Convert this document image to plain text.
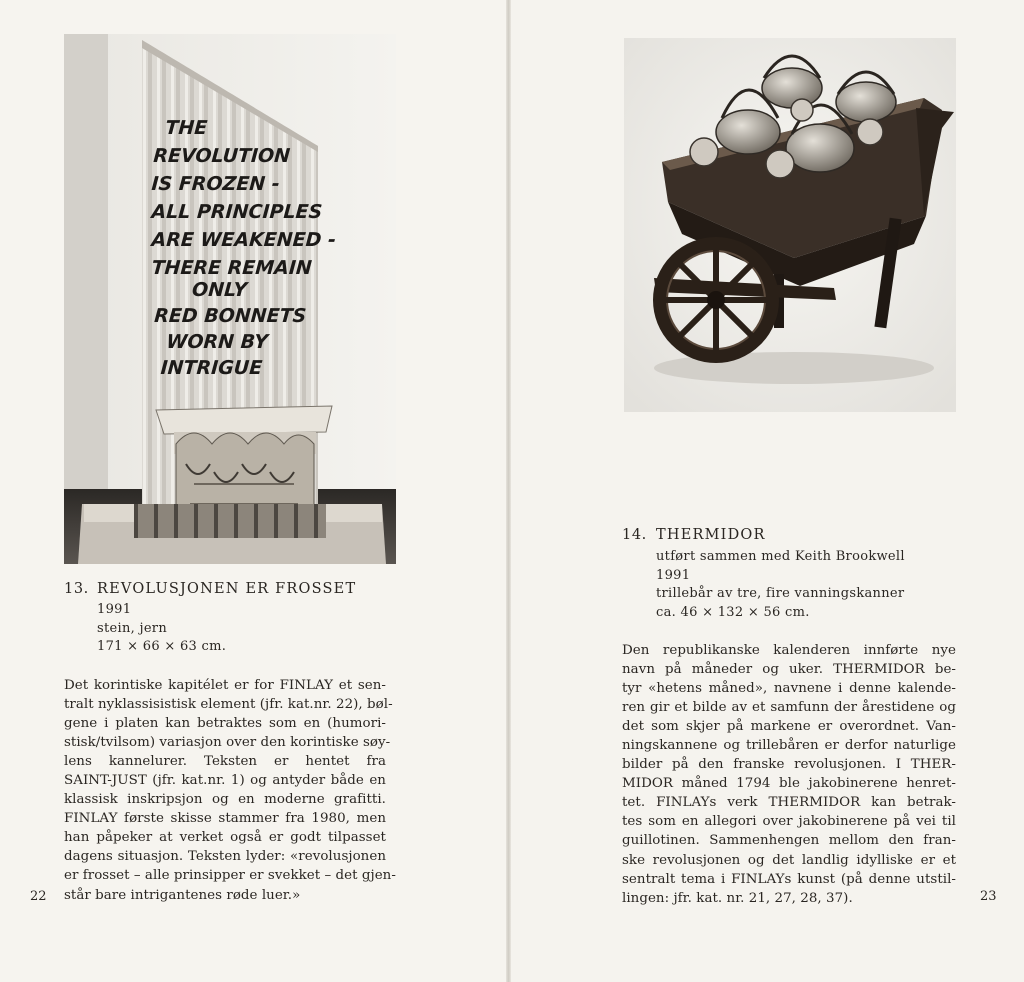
THE
REVOLUTION
IS FROZEN -
ALL PRINCIPLES
ARE WEAKENED -
THERE REMAIN
ONLY
RED BONNETS
WORN BY
INTRIGUE
13. REVOLUSJONEN ER FROSSET
1991
stein, jern
171 × 66 × 63 cm.
Det korintiske kapitélet er for FINLAY et sen-
tralt nyklassisistisk element (jfr. kat.nr. 22), bøl-
gene i platen kan betraktes som en (humori-
stisk/tvilsom) variasjon over den korintiske søy-
lens kannelurer. Teksten er hentet fra
SAINT-JUST (jfr. kat.nr. 1) og antyder både en
klassisk inskripsjon og en moderne grafitti.
FINLAY første skisse stammer fra 1980, men
han påpeker at verket også er godt tilpasset
dagens situasjon. Teksten lyder: «revolusjonen
er frosset – alle prinsipper er svekket – det gjen-
står bare intrigantenes røde luer.»
22
14. THERMIDOR
utført sammen med Keith Brookwell
1991
trillebår av tre, fire vanningskanner
ca. 46 × 132 × 56 cm.
Den republikanske kalenderen innførte nye
navn på måneder og uker. THERMIDOR be-
tyr «hetens måned», navnene i denne kalende-
ren gir et bilde av et samfunn der årestidene og
det som skjer på markene er overordnet. Van-
ningskannene og trillebåren er derfor naturlige
bilder på den franske revolusjonen. I THER-
MIDOR måned 1794 ble jakobinerene henret-
tet. FINLAYs verk THERMIDOR kan betrak-
tes som en allegori over jakobinerene på vei til
guillotinen. Sammenhengen mellom den fran-
ske revolusjonen og det landlig idylliske er et
sentralt tema i FINLAYs kunst (på denne utstil-
lingen: jfr. kat. nr. 21, 27, 28, 37).	23
